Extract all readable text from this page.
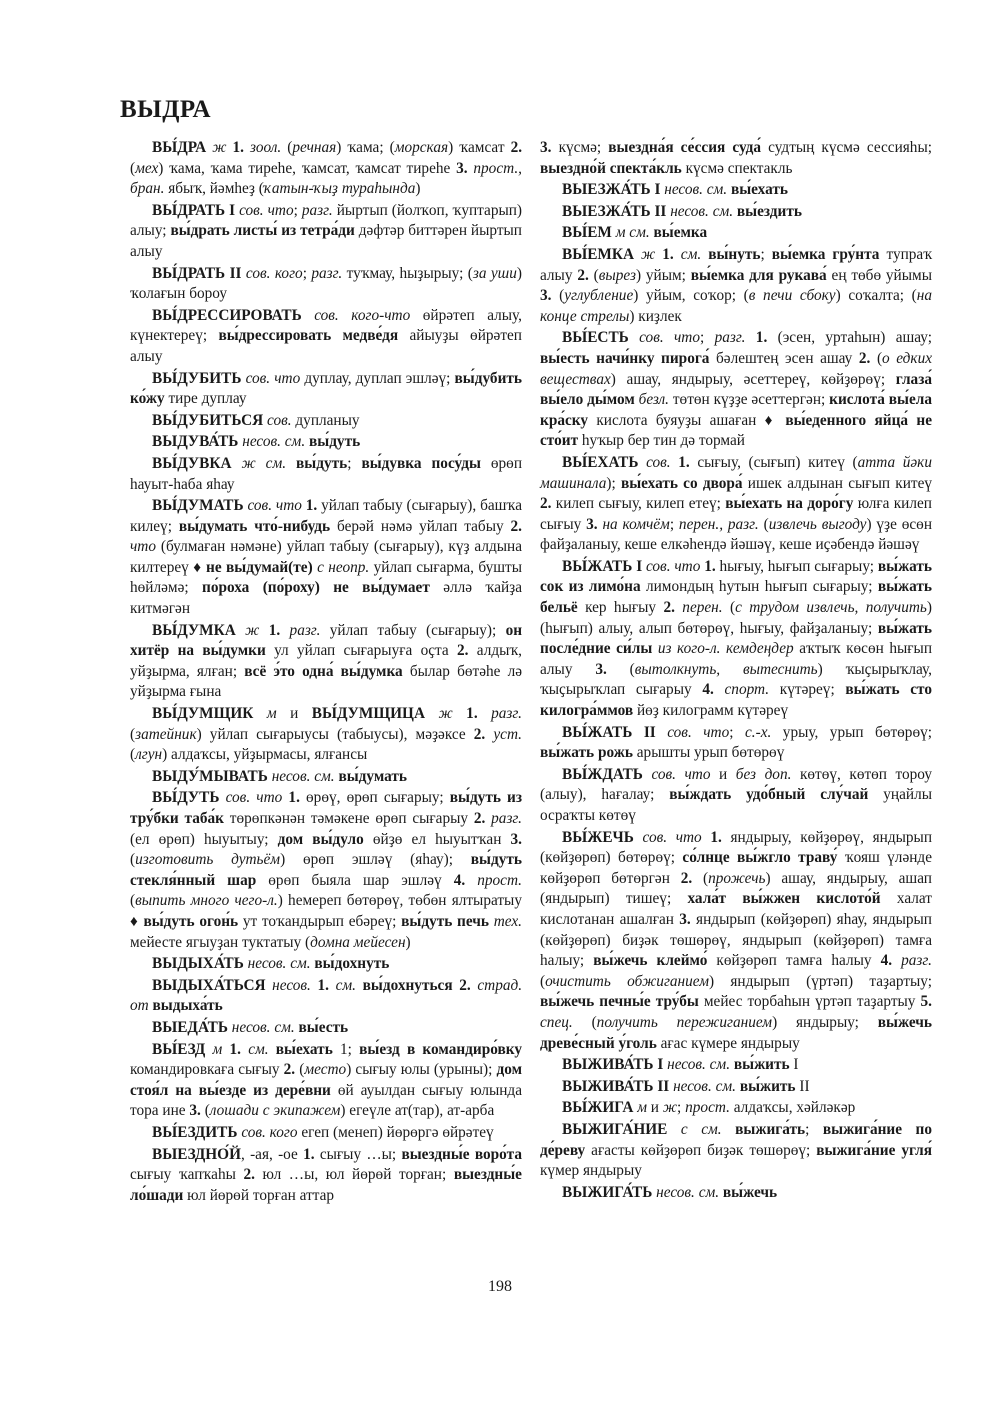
ВЫДРА

ВЫ́ДРА ж 1. зоол. (речная) ҡама; (морская) ҡамсат 2. (мех) ҡама, ҡама тиреһе, ҡамсат, ҡамсат тиреһе 3. прост., бран. ябыҡ, йәмһеҙ (ҡатын-ҡыҙ тураһында)

ВЫ́ДРАТЬ I сов. что; разг. йыртып (йолҡоп, ҡуптарып) алыу; вы́драть листы́ из тетра́ди дәфтәр биттәрен йыртып алыу

ВЫ́ДРАТЬ II сов. кого; разг. туҡмау, һыҙырыу; (за уши) ҡолағын бороу

ВЫ́ДРЕССИРОВАТЬ сов. кого-что өйрәтеп алыу, күнектереү; вы́дрессировать медве́дя айыуҙы өйрәтеп алыу

ВЫ́ДУБИТЬ сов. что дуплау, дуплап эшләү; вы́дубить ко́жу тире дуплау

ВЫ́ДУБИТЬСЯ сов. дупланыу

ВЫДУВА́ТЬ несов. см. вы́дуть

ВЫ́ДУВКА ж см. вы́дуть; вы́дувка посу́ды өрөп һауыт-һаба яһау

ВЫ́ДУМАТЬ сов. что 1. уйлап табыу (сығарыу), башҡа килеү; вы́думать что́-нибудь берәй нәмә уйлап табыу 2. что (булмаған нәмәне) уйлап табыу (сығарыу), күҙ алдына килтереү ♦ не вы́думай(те) с неопр. уйлап сығарма, бушты һөйләмә; по́роха (по́роху) не вы́думает әллә ҡайҙа китмәгән

ВЫ́ДУМКА ж 1. разг. уйлап табыу (сығарыу); он хитёр на вы́думки ул уйлап сығарыуға оҫта 2. алдыҡ, уйҙырма, ялған; всё э́то одна́ вы́думка былар бөтәһе лә уйҙырма ғына

ВЫ́ДУМЩИК м и ВЫ́ДУМЩИЦА ж 1. разг. (затейник) уйлап сығарыусы (табыусы), мәҙәксе 2. уст. (лгун) алдаҡсы, уйҙырмасы, ялғансы

ВЫДУ́МЫВАТЬ несов. см. вы́думать

ВЫ́ДУТЬ сов. что 1. өрөү, өрөп сығарыу; вы́дуть из тру́бки таба́к төрөпкәнән тәмәкене өрөп сығарыу 2. разг. (ел өрөп) һыуытыу; дом вы́дуло өйҙө ел һыуытҡан 3. (изготовить дутьём) өрөп эшләү (яһау); вы́дуть стекля́нный шар өрөп быяла шар эшләү 4. прост. (выпить много чего-л.) һемереп бөтөрөү, төбөн ялтыратыу ♦ вы́дуть огон́ь ут тоҡандырып ебәреү; вы́дуть печь тех. мейесте ягыуҙан туктатыу (домна мейесен)

ВЫДЫХА́ТЬ несов. см. вы́дохнуть

ВЫДЫХА́ТЬСЯ несов. 1. см. вы́дохнуться 2. страд. от выдыха́ть

ВЫЕДА́ТЬ несов. см. вы́есть

ВЫ́ЕЗД м 1. см. вы́ехать 1; вы́езд в командиро́вку командировкаға сығыу 2. (место) сығыу юлы (урыны); дом стоя́л на вы́езде из дере́вни өй ауылдан сығыу юлында тора ине 3. (лошади с экипажем) егеүле ат(тар), ат-арба

ВЫ́ЕЗДИТЬ сов. кого егеп (менеп) йөрөргә өйрәтеү

ВЫЕЗДНО́Й, -ая, -ое 1. сығыу …ы; выездны́е воро́та сығыу ҡапҡаһы 2. юл …ы, юл йөрөй торған; выездны́е ло́шади юл йөрөй торған аттар

3. күсмә; выездна́я се́ссия суда́ судтың күсмә сессияһы; выездно́й спекта́кль күсмә спектакль

ВЫЕЗЖА́ТЬ I несов. см. вы́ехать

ВЫЕЗЖА́ТЬ II несов. см. вы́ездить

ВЫ́ЕМ м см. вы́емка

ВЫ́ЕМКА ж 1. см. вы́нуть; вы́емка гру́нта тупраҡ алыу 2. (вырез) уйым; вы́емка для рукава́ ең төбө уйымы 3. (углубление) уйым, соҡор; (в печи сбоку) соҡалта; (на конце стрелы) киҙлек

ВЫ́ЕСТЬ сов. что; разг. 1. (эсен, уртаһын) ашау; вы́есть начи́нку пирога́ бәлештең эсен ашау 2. (о едких веществах) ашау, яндырыу, әсеттереү, көйҙөрөү; глаза́ вы́ело ды́мом безл. төтөн күҙҙе әсеттергән; кислота́ вы́ела кра́ску кислота буяуҙы ашаған ♦ вы́еденного яйца́ не сто́ит һуҡыр бер тин дә тормай

ВЫ́ЕХАТЬ сов. 1. сығыу, (сығып) китеү (атта йәки машинала); вы́ехать со двора́ ишек алдынан сығып китеү 2. килеп сығыу, килеп етеү; вы́ехать на доро́гу юлға килеп сығыу 3. на комчём; перен., разг. (извлечь выгоду) үҙе өсөн файҙаланыу, кеше елкәһендә йәшәү, кеше иҫәбендә йәшәү

ВЫ́ЖАТЬ I сов. что 1. һығыу, һығып сығарыу; вы́жать сок из лимо́на лимондың һутын һығып сығарыу; вы́жать бельё кер һығыу 2. перен. (с трудом извлечь, получить) (һығып) алыу, алып бөтөрөү, һығыу, файҙаланыу; вы́жать после́дние си́лы из кого-л. кемдеңдер аҡтыҡ көсөн һығып алыу 3. (вытолкнуть, вытеснить) ҡыҫырыҡлау, ҡыҫырыҡлап сығарыу 4. спорт. күтәреү; вы́жать сто килогра́ммов йөҙ килограмм күтәреү

ВЫ́ЖАТЬ II сов. что; с.-х. урыу, урып бөтөрөү; вы́жать рожь арышты урып бөтөрөү

ВЫ́ЖДАТЬ сов. что и без доп. көтөү, көтөп тороу (алыу), һағалау; вы́ждать удо́бный слу́чай уңайлы осраҡты көтөү

ВЫ́ЖЕЧЬ сов. что 1. яндырыу, көйҙөрөү, яндырып (көйҙөрөп) бөтөрөү; со́лнце вы́жгло траву́ ҡояш үләнде көйҙөрөп бөтөргән 2. (прожечь) ашау, яндырыу, ашап (яндырып) тишеү; хала́т вы́жжен кислото́й халат кислотанан ашалған 3. яндырып (көйҙөрөп) яһау, яндырып (көйҙөрөп) биҙәк төшөрөү, яндырып (көйҙөрөп) тамға һалыу; вы́жечь клеймо́ көйҙөрөп тамға һалыу 4. разг. (очистить обжиганием) яндырып (үртәп) таҙартыу; вы́жечь печны́е тру́бы мейес торбаһын үртәп таҙартыу 5. спец. (получить пережиганием) яндырыу; вы́жечь древе́сный у́голь ағас күмере яндырыу

ВЫЖИВА́ТЬ I несов. см. вы́жить I

ВЫЖИВА́ТЬ II несов. см. вы́жить II

ВЫ́ЖИГА м и ж; прост. алдаҡсы, хәйләкәр

ВЫЖИГА́НИЕ с см. выжига́ть; выжига́ние по де́реву ағасты көйҙөрөп биҙәк төшөрөү; выжига́ние угля́ күмер яндырыу

ВЫЖИГА́ТЬ несов. см. вы́жечь

198
